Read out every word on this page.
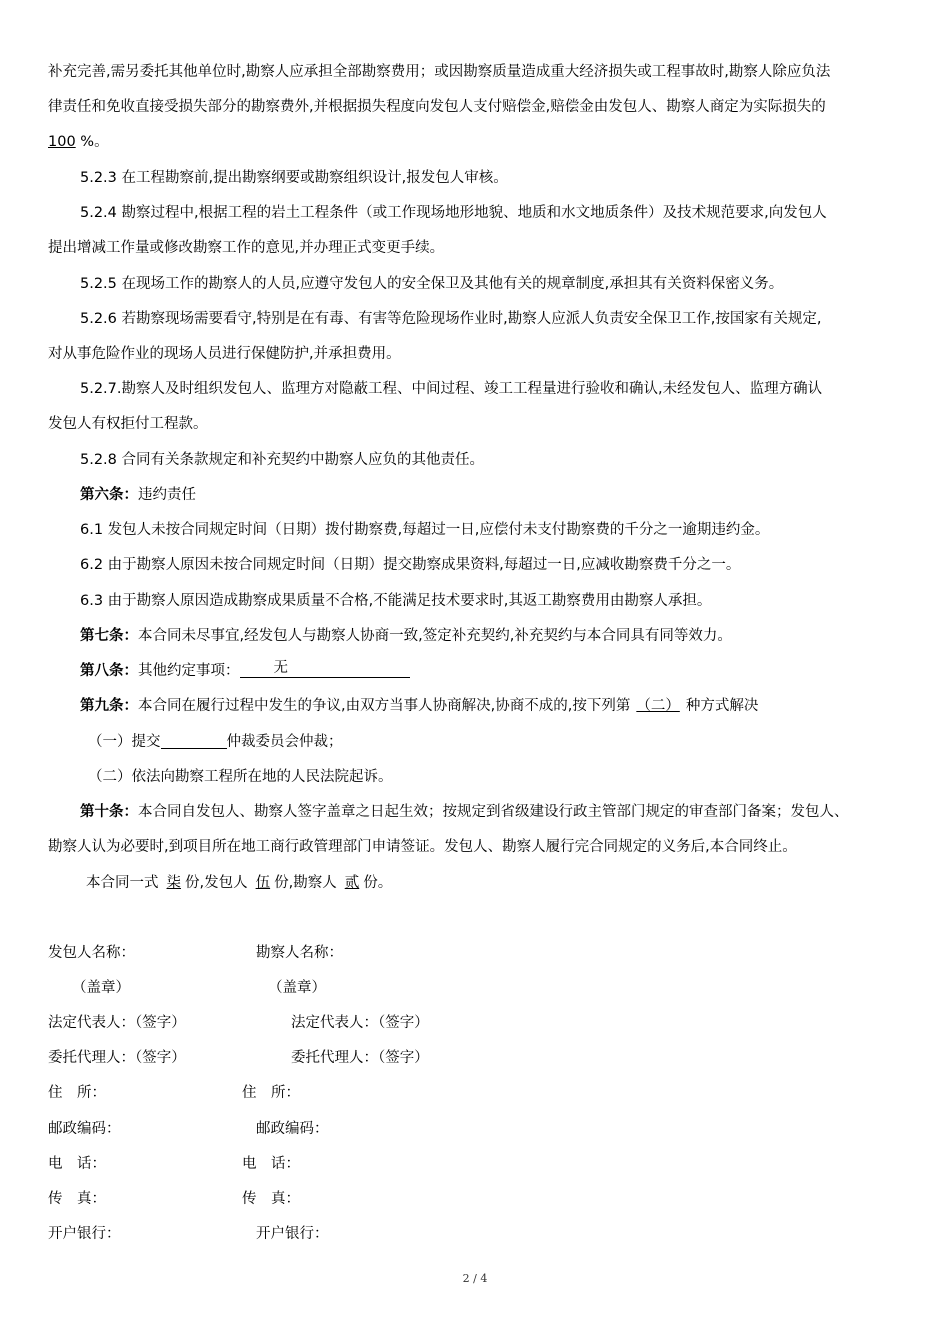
补充完善,需另委托其他单位时,勘察人应承担全部勘察费用；或因勘察质量造成重大经济损失或工程事故时,勘察人除应负法
律责任和免收直接受损失部分的勘察费外,并根据损失程度向发包人支付赔偿金,赔偿金由发包人、勘察人商定为实际损失的
100 %。
5.2.3 在工程勘察前,提出勘察纲要或勘察组织设计,报发包人审核。
5.2.4 勘察过程中,根据工程的岩土工程条件（或工作现场地形地貌、地质和水文地质条件）及技术规范要求,向发包人
提出增减工作量或修改勘察工作的意见,并办理正式变更手续。
5.2.5 在现场工作的勘察人的人员,应遵守发包人的安全保卫及其他有关的规章制度,承担其有关资料保密义务。
5.2.6 若勘察现场需要看守,特别是在有毒、有害等危险现场作业时,勘察人应派人负责安全保卫工作,按国家有关规定,
对从事危险作业的现场人员进行保健防护,并承担费用。
5.2.7.勘察人及时组织发包人、监理方对隐蔽工程、中间过程、竣工工程量进行验收和确认,未经发包人、监理方确认
发包人有权拒付工程款。
5.2.8 合同有关条款规定和补充契约中勘察人应负的其他责任。
第六条：违约责任
6.1 发包人未按合同规定时间（日期）拨付勘察费,每超过一日,应偿付未支付勘察费的千分之一逾期违约金。
6.2 由于勘察人原因未按合同规定时间（日期）提交勘察成果资料,每超过一日,应减收勘察费千分之一。
6.3 由于勘察人原因造成勘察成果质量不合格,不能满足技术要求时,其返工勘察费用由勘察人承担。
第七条：本合同未尽事宜,经发包人与勘察人协商一致,签定补充契约,补充契约与本合同具有同等效力。
第八条：其他约定事项： 无
第九条：本合同在履行过程中发生的争议,由双方当事人协商解决,协商不成的,按下列第 （二） 种方式解决
（一）提交	仲裁委员会仲裁；
（二）依法向勘察工程所在地的人民法院起诉。
第十条：本合同自发包人、勘察人签字盖章之日起生效；按规定到省级建设行政主管部门规定的审查部门备案；发包人、
勘察人认为必要时,到项目所在地工商行政管理部门申请签证。发包人、勘察人履行完合同规定的义务后,本合同终止。
本合同一式 柒 份,发包人 伍 份,勘察人 贰 份。
发包人名称：
（盖章）
法定代表人：（签字）
委托代理人：（签字）
住　所：
邮政编码：
电　话：
传　真：
开户银行：
勘察人名称：
（盖章）
法定代表人：（签字）
委托代理人：（签字）
住　所：
邮政编码：
电　话：
传　真：
开户银行：
2 / 4
